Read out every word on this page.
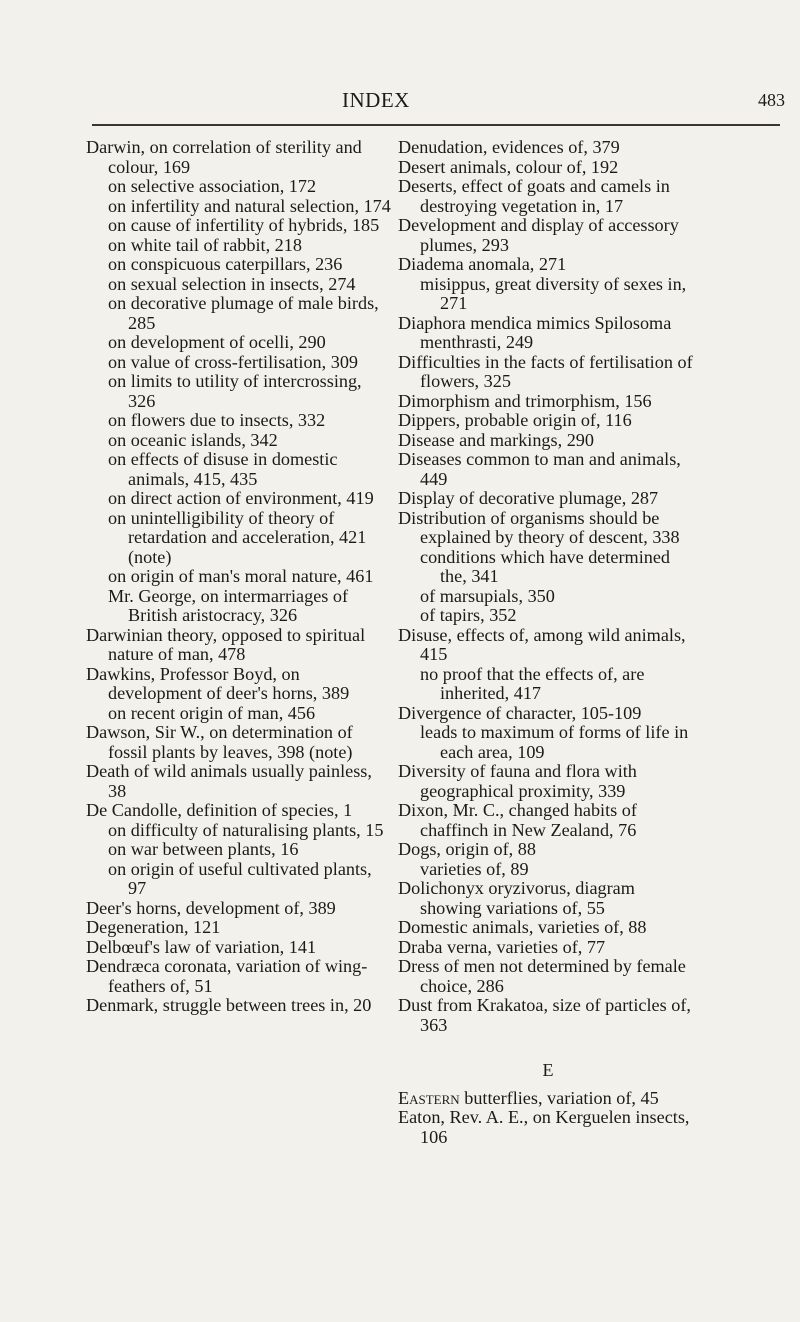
INDEX	483

Darwin, on correlation of sterility and colour, 169

on selective association, 172

on infertility and natural selection, 174

on cause of infertility of hybrids, 185

on white tail of rabbit, 218

on conspicuous caterpillars, 236

on sexual selection in insects, 274

on decorative plumage of male birds, 285

on development of ocelli, 290

on value of cross-fertilisation, 309

on limits to utility of intercrossing, 326

on flowers due to insects, 332

on oceanic islands, 342

on effects of disuse in domestic animals, 415, 435

on direct action of environment, 419

on unintelligibility of theory of retardation and acceleration, 421 (note)

on origin of man's moral nature, 461

Mr. George, on intermarriages of British aristocracy, 326

Darwinian theory, opposed to spiritual nature of man, 478

Dawkins, Professor Boyd, on development of deer's horns, 389

on recent origin of man, 456

Dawson, Sir W., on determination of fossil plants by leaves, 398 (note)

Death of wild animals usually painless, 38

De Candolle, definition of species, 1

on difficulty of naturalising plants, 15

on war between plants, 16

on origin of useful cultivated plants, 97

Deer's horns, development of, 389

Degeneration, 121

Delbœuf's law of variation, 141

Dendræca coronata, variation of wing-feathers of, 51

Denmark, struggle between trees in, 20

Denudation, evidences of, 379

Desert animals, colour of, 192

Deserts, effect of goats and camels in destroying vegetation in, 17

Development and display of accessory plumes, 293

Diadema anomala, 271

misippus, great diversity of sexes in, 271

Diaphora mendica mimics Spilosoma menthrasti, 249

Difficulties in the facts of fertilisation of flowers, 325

Dimorphism and trimorphism, 156

Dippers, probable origin of, 116

Disease and markings, 290

Diseases common to man and animals, 449

Display of decorative plumage, 287

Distribution of organisms should be explained by theory of descent, 338

conditions which have determined the, 341

of marsupials, 350

of tapirs, 352

Disuse, effects of, among wild animals, 415

no proof that the effects of, are inherited, 417

Divergence of character, 105-109

leads to maximum of forms of life in each area, 109

Diversity of fauna and flora with geographical proximity, 339

Dixon, Mr. C., changed habits of chaffinch in New Zealand, 76

Dogs, origin of, 88

varieties of, 89

Dolichonyx oryzivorus, diagram showing variations of, 55

Domestic animals, varieties of, 88

Draba verna, varieties of, 77

Dress of men not determined by female choice, 286

Dust from Krakatoa, size of particles of, 363

E

Eastern butterflies, variation of, 45

Eaton, Rev. A. E., on Kerguelen insects, 106
